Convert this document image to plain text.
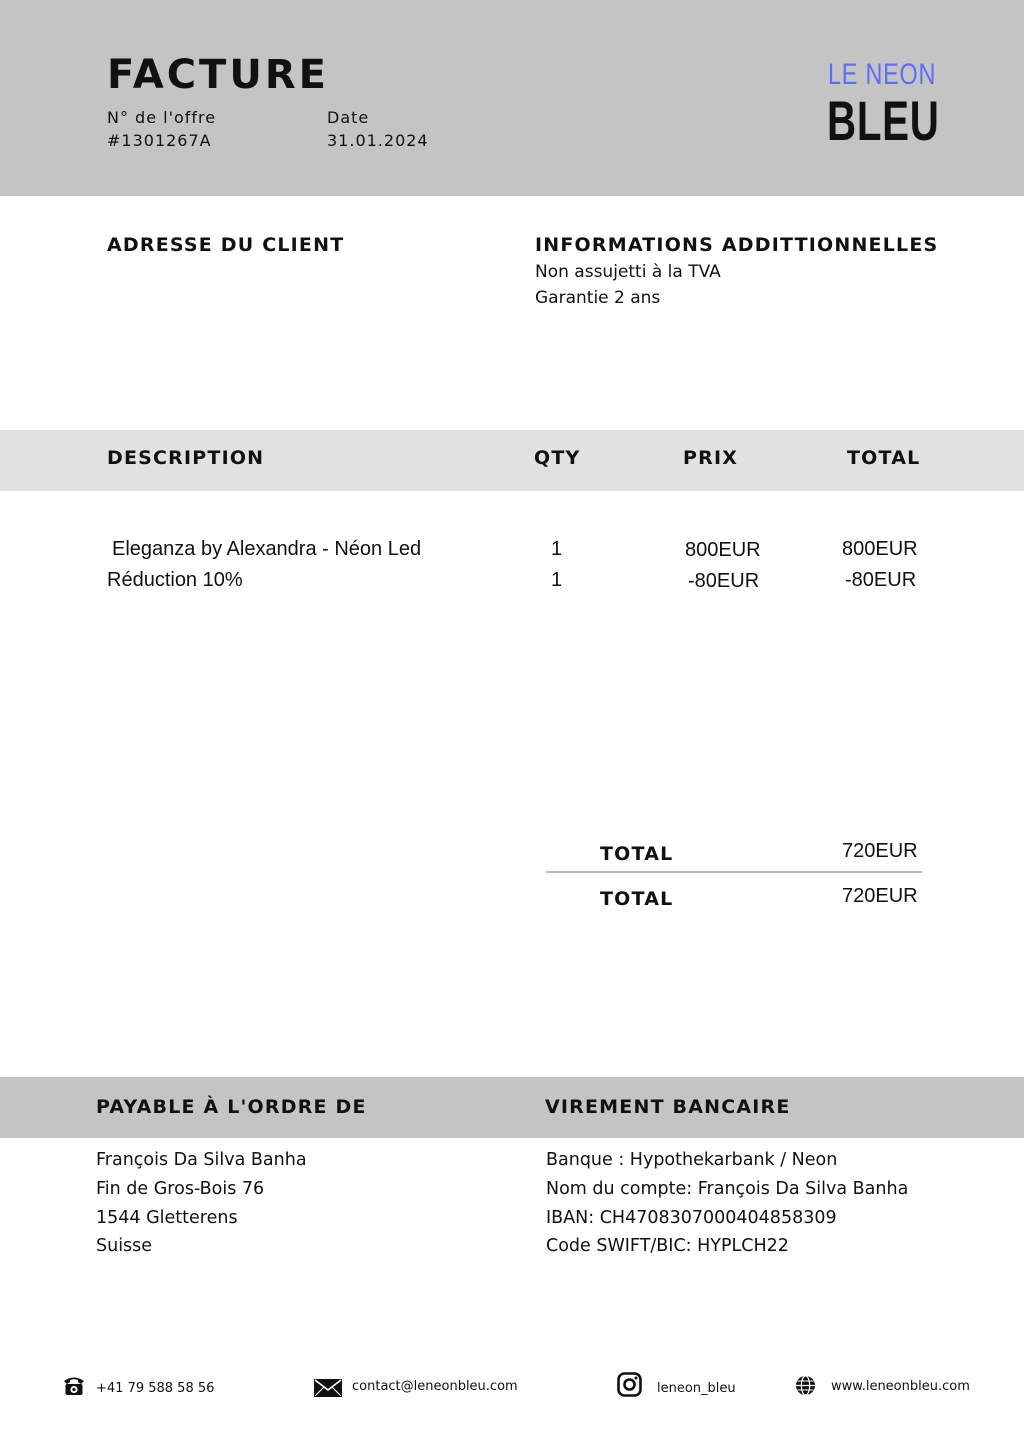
FACTURE
N° de l'offre
#1301267A
Date
31.01.2024
LE NEON
BLEU
ADRESSE DU CLIENT	INFORMATIONS ADDITTIONNELLES
Non assujetti à la TVA
Garantie 2 ans
DESCRIPTION	QTY	PRIX	TOTAL
Eleganza by Alexandra - Néon Led	1	800EUR	800EUR
Réduction 10%	1	-80EUR	-80EUR
TOTAL	720EUR
TOTAL	720EUR
PAYABLE À L'ORDRE DE	VIREMENT BANCAIRE
François Da Silva Banha
Fin de Gros-Bois 76
1544 Gletterens
Suisse
Banque : Hypothekarbank / Neon
Nom du compte: François Da Silva Banha
IBAN: CH4708307000404858309
Code SWIFT/BIC: HYPLCH22
+41 79 588 58 56	contact@leneonbleu.com	leneon_bleu	www.leneonbleu.com
